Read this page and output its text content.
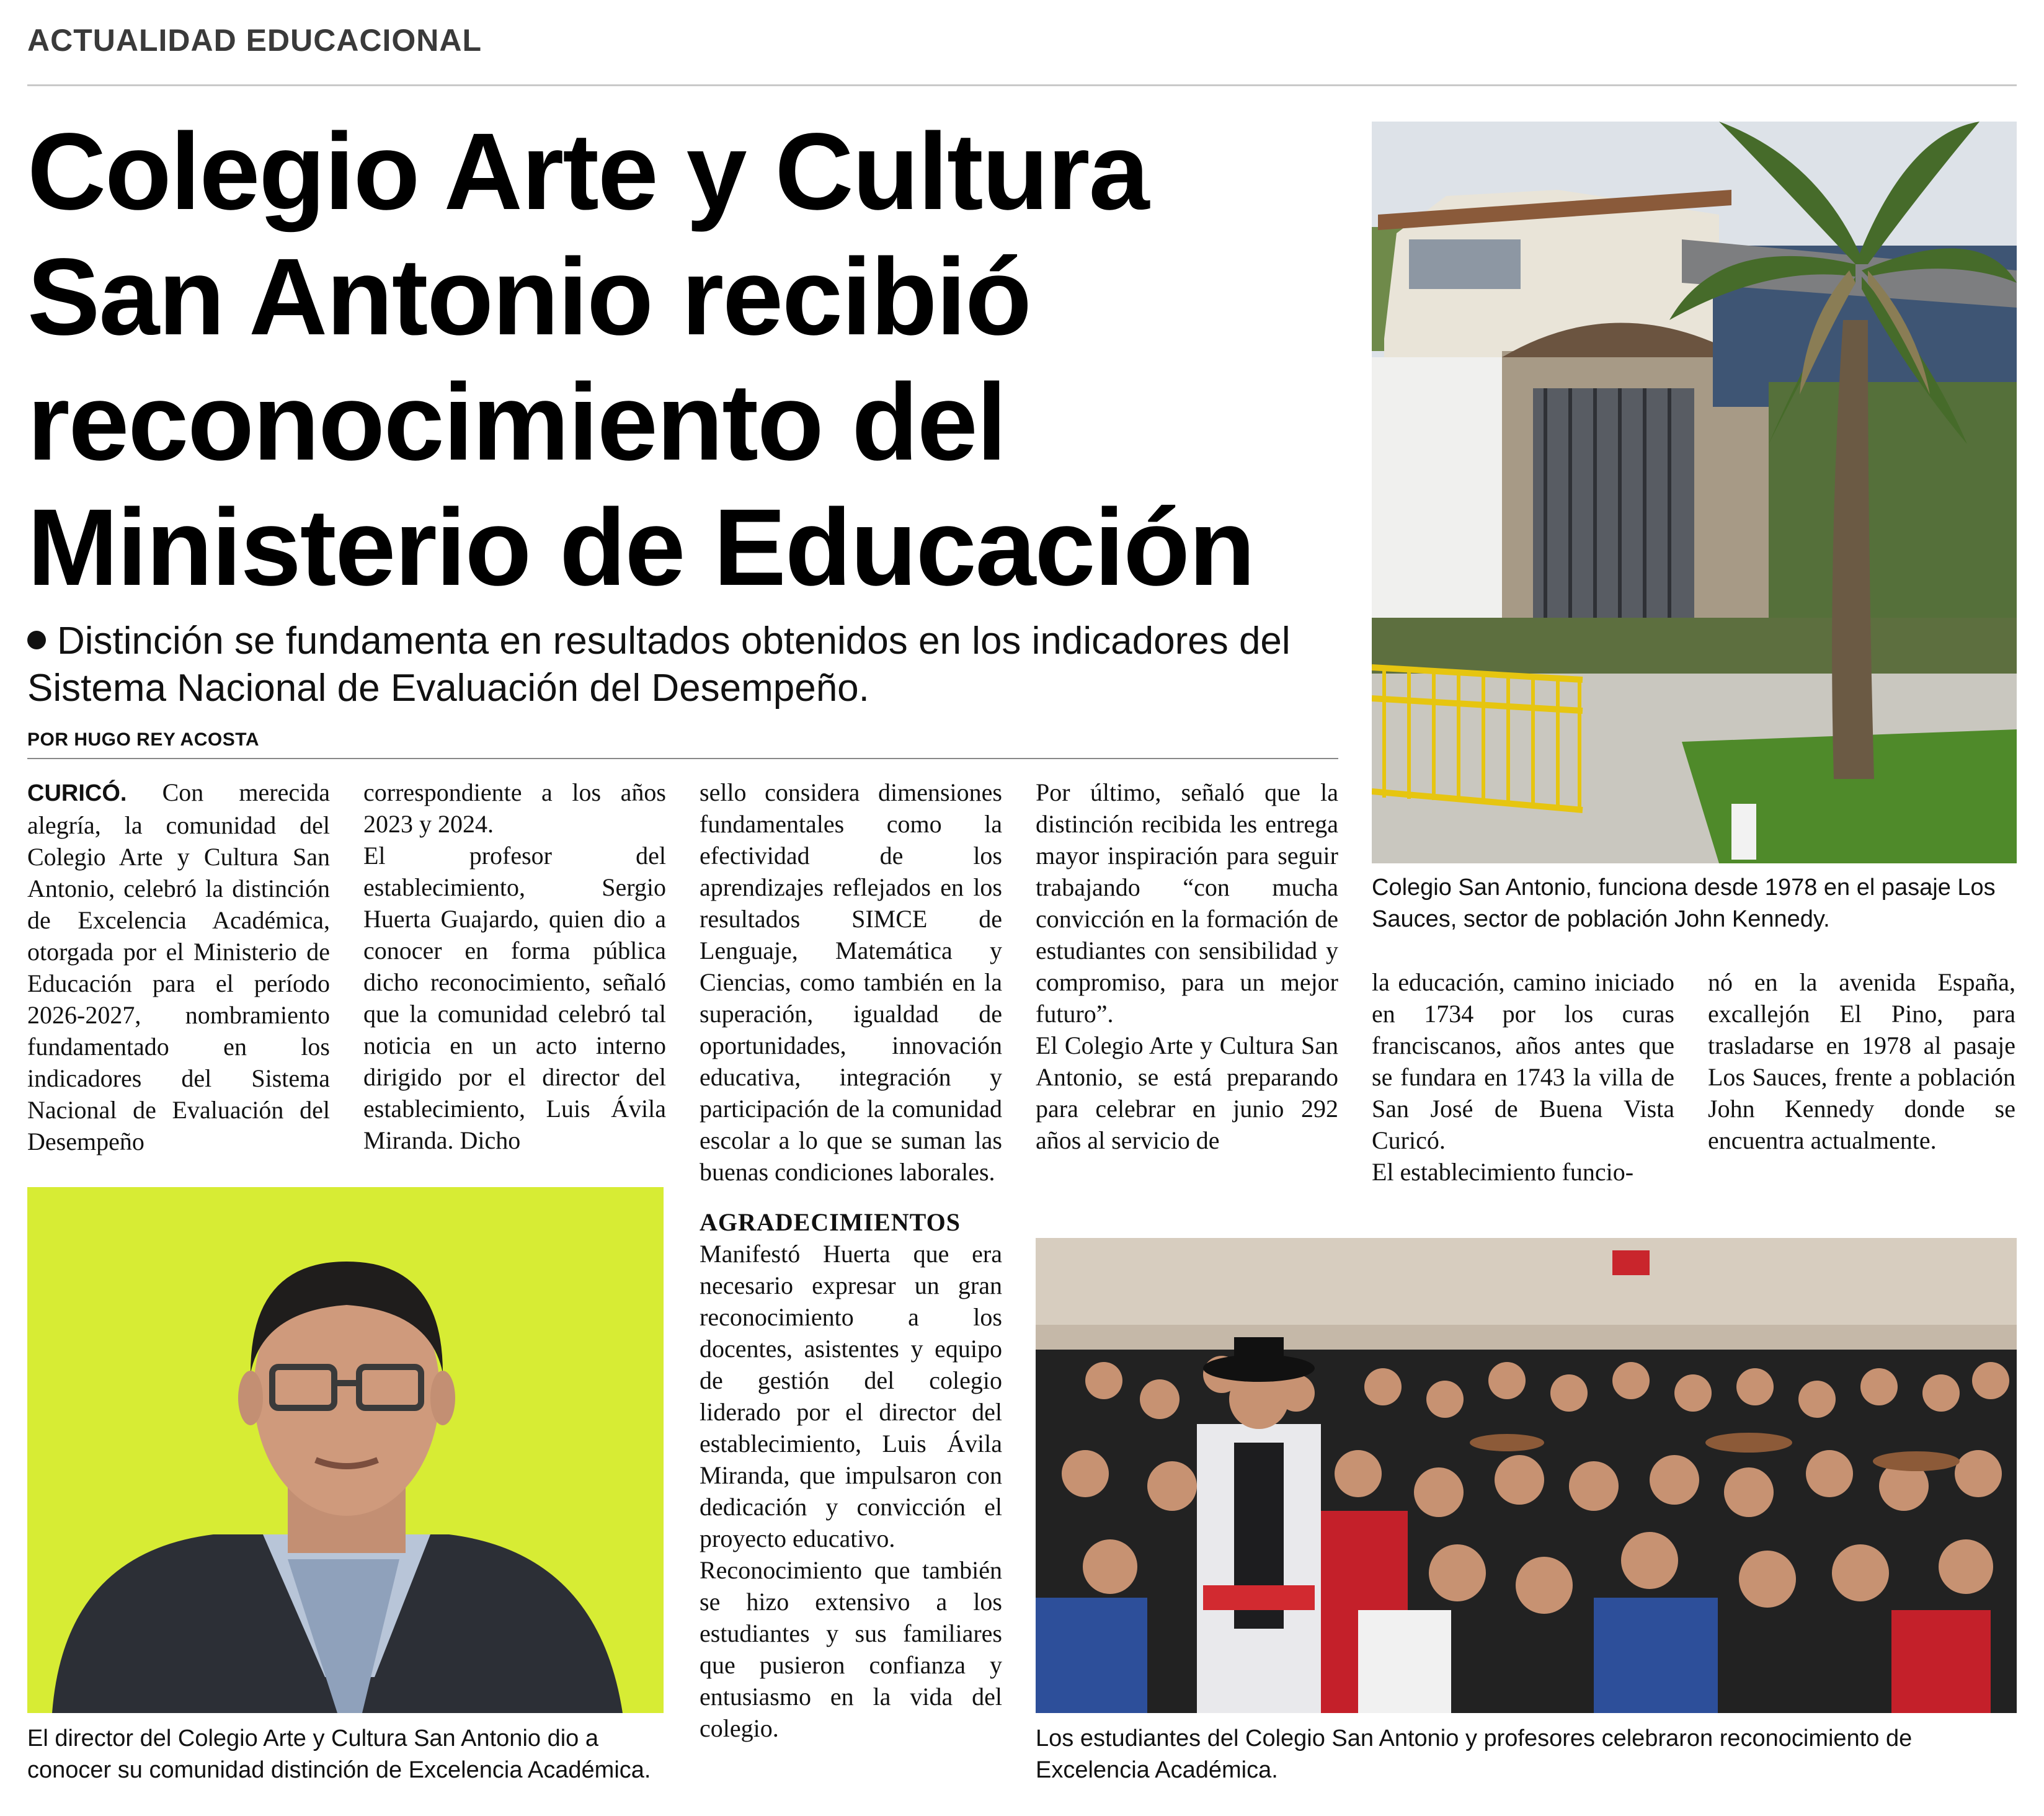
ACTUALIDAD EDUCACIONAL
Colegio Arte y Cultura
San Antonio recibió
reconocimiento del
Ministerio de Educación
Distinción se fundamenta en resultados obtenidos en los indicadores del Sistema Nacional de Evaluación del Desempeño.
POR HUGO REY ACOSTA

CURICÓ. Con merecida alegría, la comunidad del Colegio Arte y Cultura San Antonio, celebró la distinción de Excelencia Académica, otorgada por el Ministerio de Educación para el período 2026-2027, nombramiento fundamentado en los indicadores del Sistema Nacional de Evaluación del Desempeño

correspondiente a los años 2023 y 2024.

El profesor del establecimiento, Sergio Huerta Guajardo, quien dio a conocer en forma pública dicho reconocimiento, señaló que la comunidad celebró tal noticia en un acto interno dirigido por el director del establecimiento, Luis Ávila Miranda. Dicho

sello considera dimensiones fundamentales como la efectividad de los aprendizajes reflejados en los resultados SIMCE de Lenguaje, Matemática y Ciencias, como también en la superación, igualdad de oportunidades, innovación educativa, integración y participación de la comunidad escolar a lo que se suman las buenas condiciones laborales.

AGRADECIMIENTOS

Manifestó Huerta que era necesario expresar un gran reconocimiento a los docentes, asistentes y equipo de gestión del colegio liderado por el director del establecimiento, Luis Ávila Miranda, que impulsaron con dedicación y convicción el proyecto educativo.

Reconocimiento que también se hizo extensivo a los estudiantes y sus familiares que pusieron confianza y entusiasmo en la vida del colegio.

Por último, señaló que la distinción recibida les entrega mayor inspiración para seguir trabajando “con mucha convicción en la formación de estudiantes con sensibilidad y compromiso, para un mejor futuro”.

El Colegio Arte y Cultura San Antonio, se está preparando para celebrar en junio 292 años al servicio de

la educación, camino iniciado en 1734 por los curas franciscanos, años antes que se fundara en 1743 la villa de San José de Buena Vista Curicó.

El establecimiento funcio-

nó en la avenida España, excallejón El Pino, para trasladarse en 1978 al pasaje Los Sauces, frente a población John Kennedy donde se encuentra actualmente.

Colegio San Antonio, funciona desde 1978 en el pasaje Los Sauces, sector de población John Kennedy.
El director del Colegio Arte y Cultura San Antonio dio a conocer su comunidad distinción de Excelencia Académica.
Los estudiantes del Colegio San Antonio y profesores celebraron reconocimiento de Excelencia Académica.
